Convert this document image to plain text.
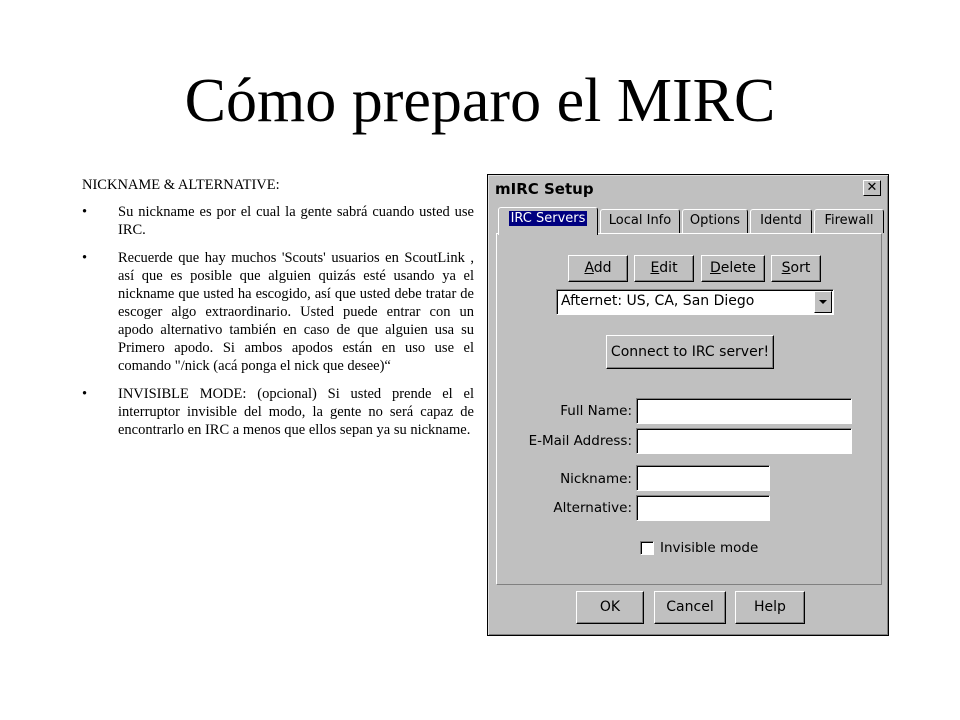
Cómo preparo el MIRC
NICKNAME & ALTERNATIVE:
•	Su nickname es por el cual la gente sabrá cuando usted use IRC.
•	Recuerde que hay muchos 'Scouts' usuarios en ScoutLink , así que es posible que alguien quizás esté usando ya el nickname que usted ha escogido, así que usted debe tratar de escoger algo extraordinario. Usted puede entrar con un apodo alternativo también en caso de que alguien usa su Primero apodo. Si ambos apodos están en uso use el comando "/nick (acá ponga el nick que desee)“
•	INVISIBLE MODE: (opcional) Si usted prende el el interruptor invisible del modo, la gente no será capaz de encontrarlo en IRC a menos que ellos sepan ya su nickname.
mIRC Setup	✕
IRC Servers	Local Info	Options	Identd	Firewall
Add	Edit	Delete	Sort
Afternet: US, CA, San Diego
Connect to IRC server!
Full Name:
E-Mail Address:
Nickname:
Alternative:
Invisible mode
OK	Cancel	Help
